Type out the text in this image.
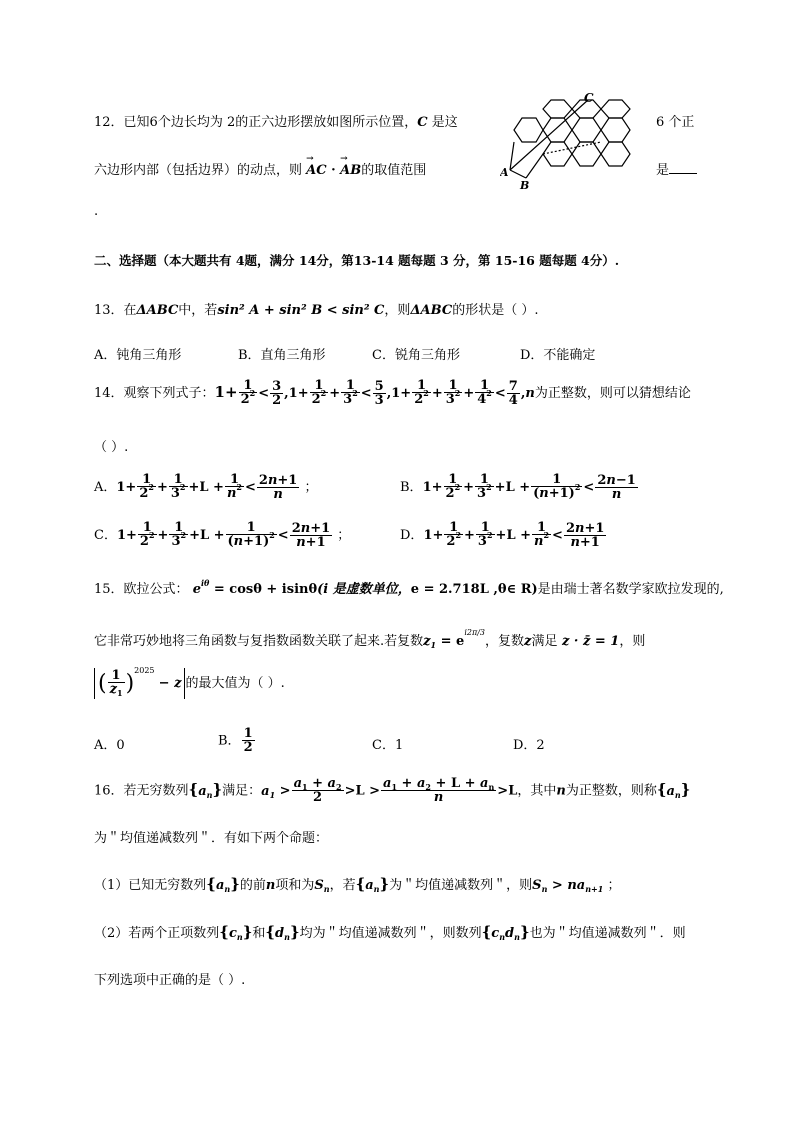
12．已知6个边长均为 2的正六边形摆放如图所示位置，C 是这	6 个正
六边形内部（包括边界）的动点，则
→
AC ·
→
AB的取值范围	是
.
C
A
B
二、选择题（本大题共有 4题，满分 14分，第13-14 题每题 3 分，第 15-16 题每题 4分）.
13．在ΔABC中，若sin² A + sin² B < sin² C，则ΔABC的形状是（ ）.
A．钝角三角形	B．直角三角形	C．锐角三角形	D．不能确定
14．观察下列式子：$1+ \frac{1}{2^2} < \frac{3}{2} ,1+ \frac{1}{2^2} + \frac{1}{3^2} < \frac{5}{3} ,1+ \frac{1}{2^2} + \frac{1}{3^2} + \frac{1}{4^2} < \frac{7}{4} ,n$为正整数，则可以猜想结论
（ ）.
A．$1+ \frac{1}{2^2} + \frac{1}{3^2} +L + \frac{1}{n^2} < \frac{2n+1}{n}$ ；	B．$1+ \frac{1}{2^2} + \frac{1}{3^2} +L + \frac{1}{(n+1)^2} < \frac{2n-1}{n}$
C．$1+ \frac{1}{2^2} + \frac{1}{3^2} +L + \frac{1}{(n+1)^2} < \frac{2n+1}{n+1}$ ；	D．$1+ \frac{1}{2^2} + \frac{1}{3^2} +L + \frac{1}{n^2} < \frac{2n+1}{n+1}$
15．欧拉公式： $e^{i\theta} = \cos\theta + isin\theta(i$ 是虚数单位，e = 2.718L ,θ∈ R)是由瑞士著名数学家欧拉发现的,
它非常巧妙地将三角函数与复指数函数关联了起来.若复数$z_1 = e^{i2\pi/3}$，复数z满足 z · z̄ = 1，则
( $\frac{1}{z_1} )^{2025} - z$ 的最大值为（ ）.
A．0	B． $\frac{1}{2}$	C．1	D．2
16．若无穷数列$\{a_n\}$满足：$a_1 > \frac{a_1 + a_2}{2} >L > \frac{a_1 + a_2 + L + a_n}{n} >L$，其中n为正整数，则称$\{a_n\}$
为＂均值递减数列＂．有如下两个命题：
（1）已知无穷数列$\{a_n\}$的前n项和为$S_n$，若$\{a_n\}$为＂均值递减数列＂，则$S_n > na_{n+1}$ ；
（2）若两个正项数列$\{c_n\}$和$\{d_n\}$均为＂均值递减数列＂，则数列$\{c_nd_n\}$也为＂均值递减数列＂．则
下列选项中正确的是（ ）.
